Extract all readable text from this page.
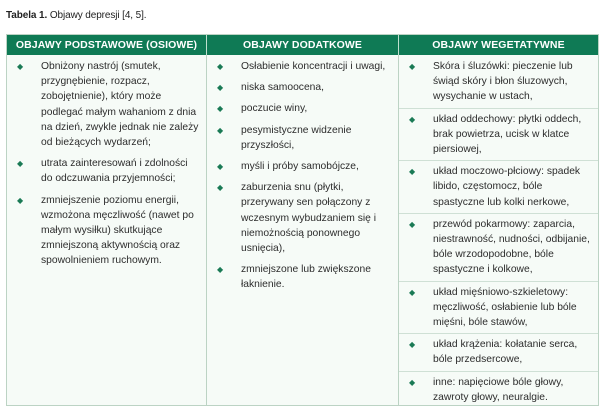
Tabela 1. Objawy depresji [4, 5].
OBJAWY PODSTAWOWE (OSIOWE)	OBJAWY DODATKOWE	OBJAWY WEGETATYWNE
◆ Obniżony nastrój (smutek, przygnębienie, rozpacz, zobojętnienie), który może podlegać małym wahaniom z dnia na dzień, zwykle jednak nie zależy od bieżących wydarzeń;
◆ utrata zainteresowań i zdolności do odczuwania przyjemności;
◆ zmniejszenie poziomu energii, wzmożona męczliwość (nawet po małym wysiłku) skutkujące zmniejszoną aktywnością oraz spowolnieniem ruchowym.
◆ Osłabienie koncentracji i uwagi,
◆ niska samoocena,
◆ poczucie winy,
◆ pesymistyczne widzenie przyszłości,
◆ myśli i próby samobójcze,
◆ zaburzenia snu (płytki, przerywany sen połączony z wczesnym wybudzaniem się i niemożnością ponownego usnięcia),
◆ zmniejszone lub zwiększone łaknienie.
◆ Skóra i śluzówki: pieczenie lub świąd skóry i błon śluzowych, wysychanie w ustach,
◆ układ oddechowy: płytki oddech, brak powietrza, ucisk w klatce piersiowej,
◆ układ moczowo-płciowy: spadek libido, częstomocz, bóle spastyczne lub kolki nerkowe,
◆ przewód pokarmowy: zaparcia, niestrawność, nudności, odbijanie, bóle wrzodopodobne, bóle spastyczne i kolkowe,
◆ układ mięśniowo-szkieletowy: męczliwość, osłabienie lub bóle mięśni, bóle stawów,
◆ układ krążenia: kołatanie serca, bóle przedsercowe,
◆ inne: napięciowe bóle głowy, zawroty głowy, neuralgie.
